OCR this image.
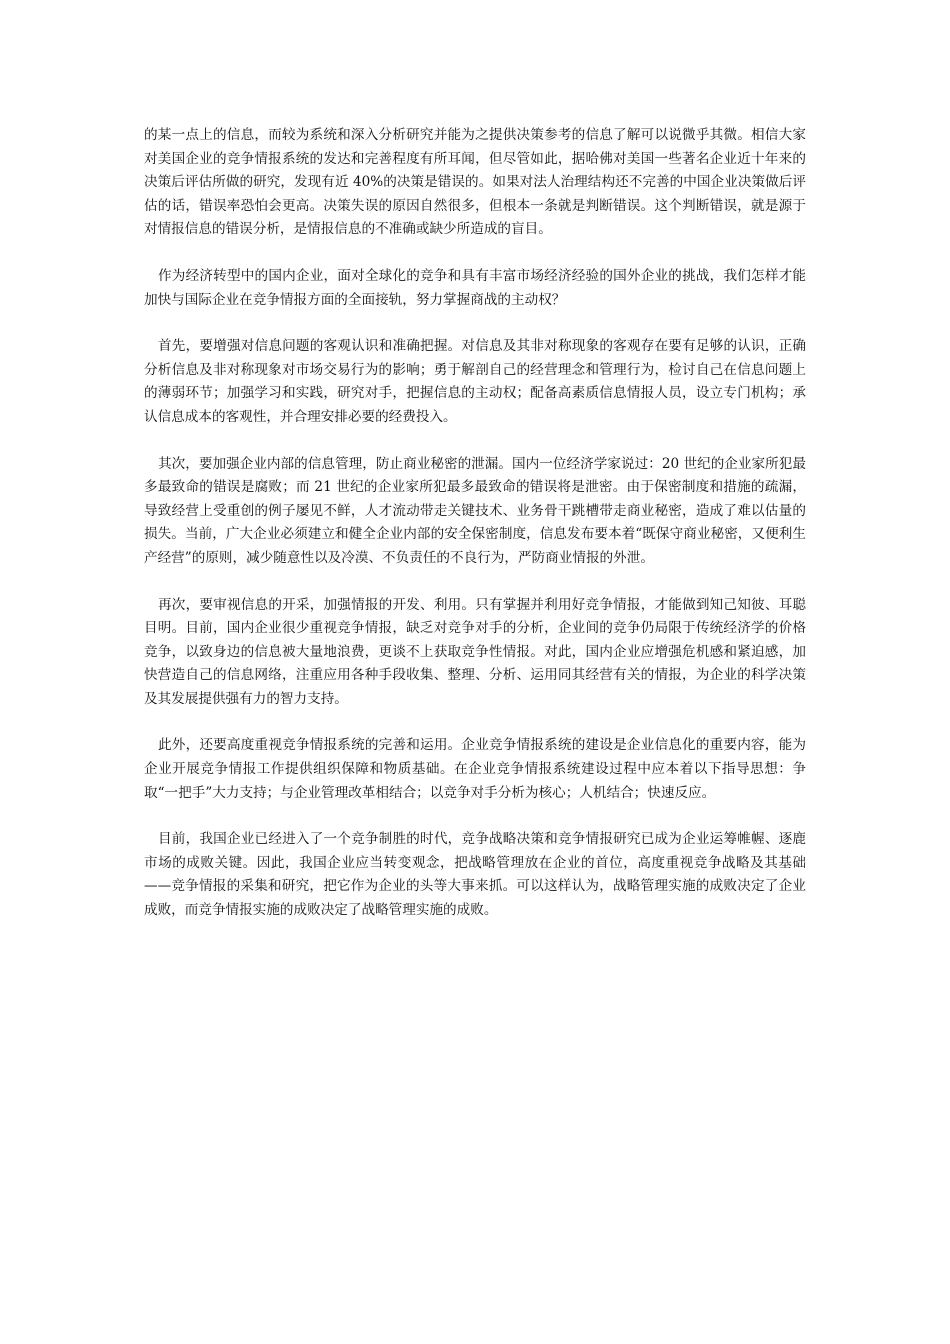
的某一点上的信息，而较为系统和深入分析研究并能为之提供决策参考的信息了解可以说微乎其微。相信大家对美国企业的竞争情报系统的发达和完善程度有所耳闻，但尽管如此，据哈佛对美国一些著名企业近十年来的决策后评估所做的研究，发现有近 40%的决策是错误的。如果对法人治理结构还不完善的中国企业决策做后评估的话，错误率恐怕会更高。决策失误的原因自然很多，但根本一条就是判断错误。这个判断错误，就是源于对情报信息的错误分析，是情报信息的不准确或缺少所造成的盲目。

作为经济转型中的国内企业，面对全球化的竞争和具有丰富市场经济经验的国外企业的挑战，我们怎样才能加快与国际企业在竞争情报方面的全面接轨，努力掌握商战的主动权？

首先，要增强对信息问题的客观认识和准确把握。对信息及其非对称现象的客观存在要有足够的认识，正确分析信息及非对称现象对市场交易行为的影响；勇于解剖自己的经营理念和管理行为，检讨自己在信息问题上的薄弱环节；加强学习和实践，研究对手，把握信息的主动权；配备高素质信息情报人员，设立专门机构；承认信息成本的客观性，并合理安排必要的经费投入。

其次，要加强企业内部的信息管理，防止商业秘密的泄漏。国内一位经济学家说过：20 世纪的企业家所犯最多最致命的错误是腐败；而 21 世纪的企业家所犯最多最致命的错误将是泄密。由于保密制度和措施的疏漏，导致经营上受重创的例子屡见不鲜，人才流动带走关键技术、业务骨干跳槽带走商业秘密，造成了难以估量的损失。当前，广大企业必须建立和健全企业内部的安全保密制度，信息发布要本着“既保守商业秘密，又便利生产经营”的原则，减少随意性以及冷漠、不负责任的不良行为，严防商业情报的外泄。

再次，要审视信息的开采，加强情报的开发、利用。只有掌握并利用好竞争情报，才能做到知己知彼、耳聪目明。目前，国内企业很少重视竞争情报，缺乏对竞争对手的分析，企业间的竞争仍局限于传统经济学的价格竞争，以致身边的信息被大量地浪费，更谈不上获取竞争性情报。对此，国内企业应增强危机感和紧迫感，加快营造自己的信息网络，注重应用各种手段收集、整理、分析、运用同其经营有关的情报，为企业的科学决策及其发展提供强有力的智力支持。

此外，还要高度重视竞争情报系统的完善和运用。企业竞争情报系统的建设是企业信息化的重要内容，能为企业开展竞争情报工作提供组织保障和物质基础。在企业竞争情报系统建设过程中应本着以下指导思想：争取“一把手”大力支持；与企业管理改革相结合；以竞争对手分析为核心；人机结合；快速反应。

目前，我国企业已经进入了一个竞争制胜的时代，竞争战略决策和竞争情报研究已成为企业运筹帷幄、逐鹿市场的成败关键。因此，我国企业应当转变观念，把战略管理放在企业的首位，高度重视竞争战略及其基础——竞争情报的采集和研究，把它作为企业的头等大事来抓。可以这样认为，战略管理实施的成败决定了企业成败，而竞争情报实施的成败决定了战略管理实施的成败。
